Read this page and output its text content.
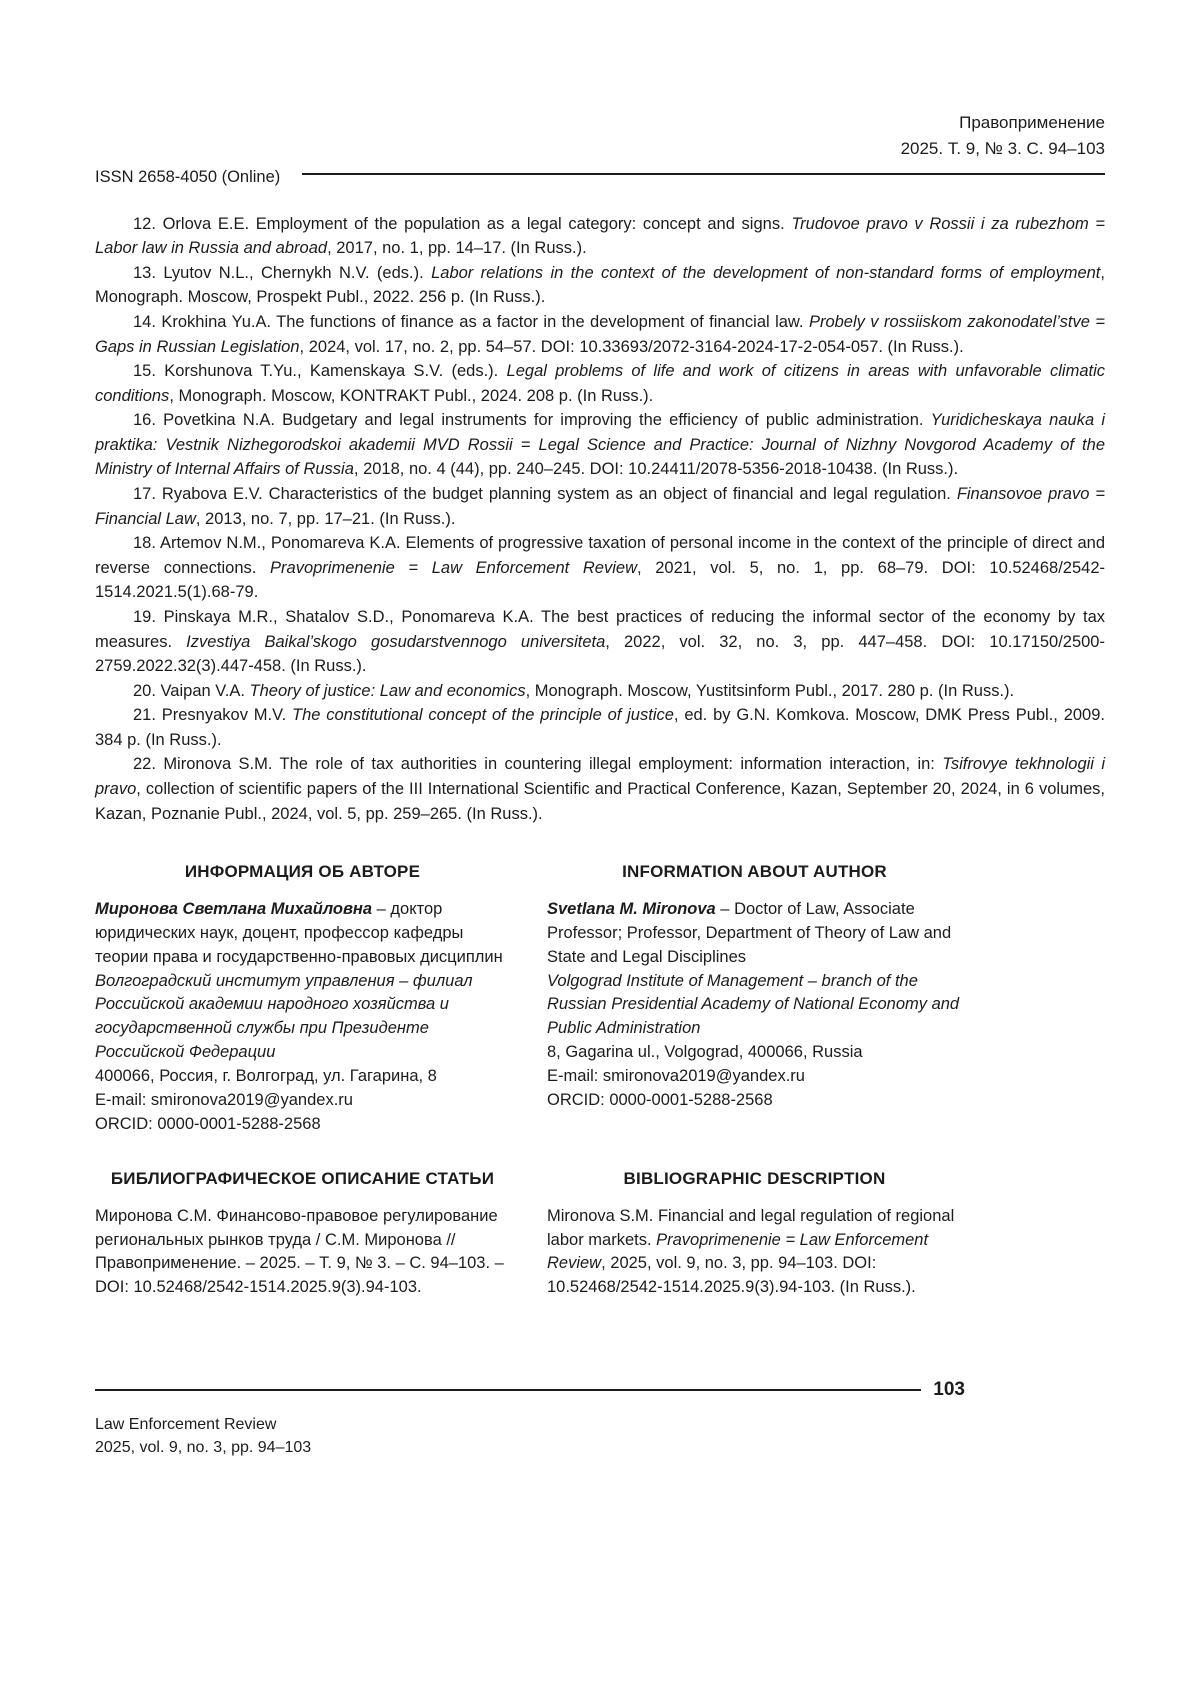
Правоприменение
2025. Т. 9, № 3. С. 94–103
ISSN 2658-4050 (Online)

12. Orlova E.E. Employment of the population as a legal category: concept and signs. Trudovoe pravo v Rossii i za rubezhom = Labor law in Russia and abroad, 2017, no. 1, pp. 14–17. (In Russ.).

13. Lyutov N.L., Chernykh N.V. (eds.). Labor relations in the context of the development of non-standard forms of employment, Monograph. Moscow, Prospekt Publ., 2022. 256 p. (In Russ.).

14. Krokhina Yu.A. The functions of finance as a factor in the development of financial law. Probely v rossiiskom zakonodatel’stve = Gaps in Russian Legislation, 2024, vol. 17, no. 2, pp. 54–57. DOI: 10.33693/2072-3164-2024-17-2-054-057. (In Russ.).

15. Korshunova T.Yu., Kamenskaya S.V. (eds.). Legal problems of life and work of citizens in areas with unfavorable climatic conditions, Monograph. Moscow, KONTRAKT Publ., 2024. 208 p. (In Russ.).

16. Povetkina N.A. Budgetary and legal instruments for improving the efficiency of public administration. Yuridicheskaya nauka i praktika: Vestnik Nizhegorodskoi akademii MVD Rossii = Legal Science and Practice: Journal of Nizhny Novgorod Academy of the Ministry of Internal Affairs of Russia, 2018, no. 4 (44), pp. 240–245. DOI: 10.24411/2078-5356-2018-10438. (In Russ.).

17. Ryabova E.V. Characteristics of the budget planning system as an object of financial and legal regulation. Finansovoe pravo = Financial Law, 2013, no. 7, pp. 17–21. (In Russ.).

18. Artemov N.M., Ponomareva K.A. Elements of progressive taxation of personal income in the context of the principle of direct and reverse connections. Pravoprimenenie = Law Enforcement Review, 2021, vol. 5, no. 1, pp. 68–79. DOI: 10.52468/2542-1514.2021.5(1).68-79.

19. Pinskaya M.R., Shatalov S.D., Ponomareva K.A. The best practices of reducing the informal sector of the economy by tax measures. Izvestiya Baikal’skogo gosudarstvennogo universiteta, 2022, vol. 32, no. 3, pp. 447–458. DOI: 10.17150/2500-2759.2022.32(3).447-458. (In Russ.).

20. Vaipan V.A. Theory of justice: Law and economics, Monograph. Moscow, Yustitsinform Publ., 2017. 280 p. (In Russ.).

21. Presnyakov M.V. The constitutional concept of the principle of justice, ed. by G.N. Komkova. Moscow, DMK Press Publ., 2009. 384 p. (In Russ.).

22. Mironova S.M. The role of tax authorities in countering illegal employment: information interaction, in: Tsifrovye tekhnologii i pravo, collection of scientific papers of the III International Scientific and Practical Conference, Kazan, September 20, 2024, in 6 volumes, Kazan, Poznanie Publ., 2024, vol. 5, pp. 259–265. (In Russ.).

ИНФОРМАЦИЯ ОБ АВТОРЕ

Миронова Светлана Михайловна – доктор юридических наук, доцент, профессор кафедры теории права и государственно-правовых дисциплин

Волгоградский институт управления – филиал Российской академии народного хозяйства и государственной службы при Президенте Российской Федерации

400066, Россия, г. Волгоград, ул. Гагарина, 8

E-mail: smironova2019@yandex.ru

ORCID: 0000-0001-5288-2568

INFORMATION ABOUT AUTHOR

Svetlana M. Mironova – Doctor of Law, Associate Professor; Professor, Department of Theory of Law and State and Legal Disciplines

Volgograd Institute of Management – branch of the Russian Presidential Academy of National Economy and Public Administration

8, Gagarina ul., Volgograd, 400066, Russia

E-mail: smironova2019@yandex.ru

ORCID: 0000-0001-5288-2568

БИБЛИОГРАФИЧЕСКОЕ ОПИСАНИЕ СТАТЬИ

Миронова С.М. Финансово-правовое регулирование региональных рынков труда / С.М. Миронова // Правоприменение. – 2025. – Т. 9, № 3. – С. 94–103. – DOI: 10.52468/2542-1514.2025.9(3).94-103.

BIBLIOGRAPHIC DESCRIPTION

Mironova S.M. Financial and legal regulation of regional labor markets. Pravoprimenenie = Law Enforcement Review, 2025, vol. 9, no. 3, pp. 94–103. DOI: 10.52468/2542-1514.2025.9(3).94-103. (In Russ.).

103
Law Enforcement Review
2025, vol. 9, no. 3, pp. 94–103
